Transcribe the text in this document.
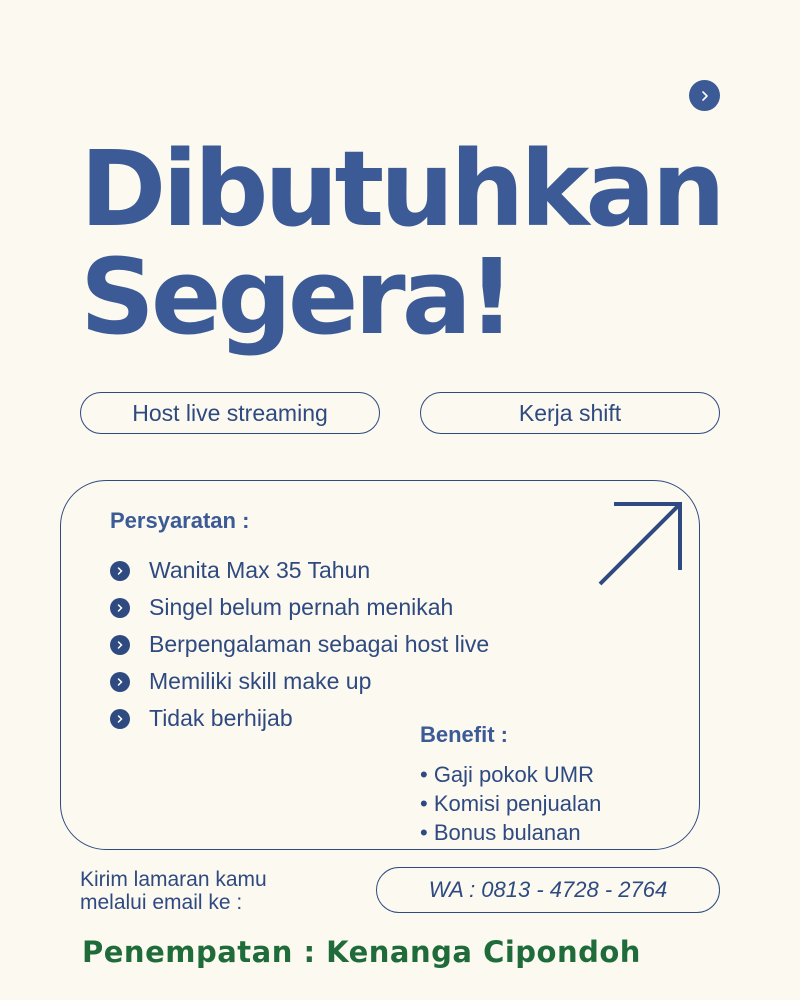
Dibutuhkan
Segera!
Host live streaming	Kerja shift
Persyaratan :
Wanita Max 35 Tahun
Singel belum pernah menikah
Berpengalaman sebagai host live
Memiliki skill make up
Tidak berhijab
Benefit :
• Gaji pokok UMR
• Komisi penjualan
• Bonus bulanan
Kirim lamaran kamu
melalui email ke :
WA : 0813 - 4728 - 2764
Penempatan : Kenanga Cipondoh
